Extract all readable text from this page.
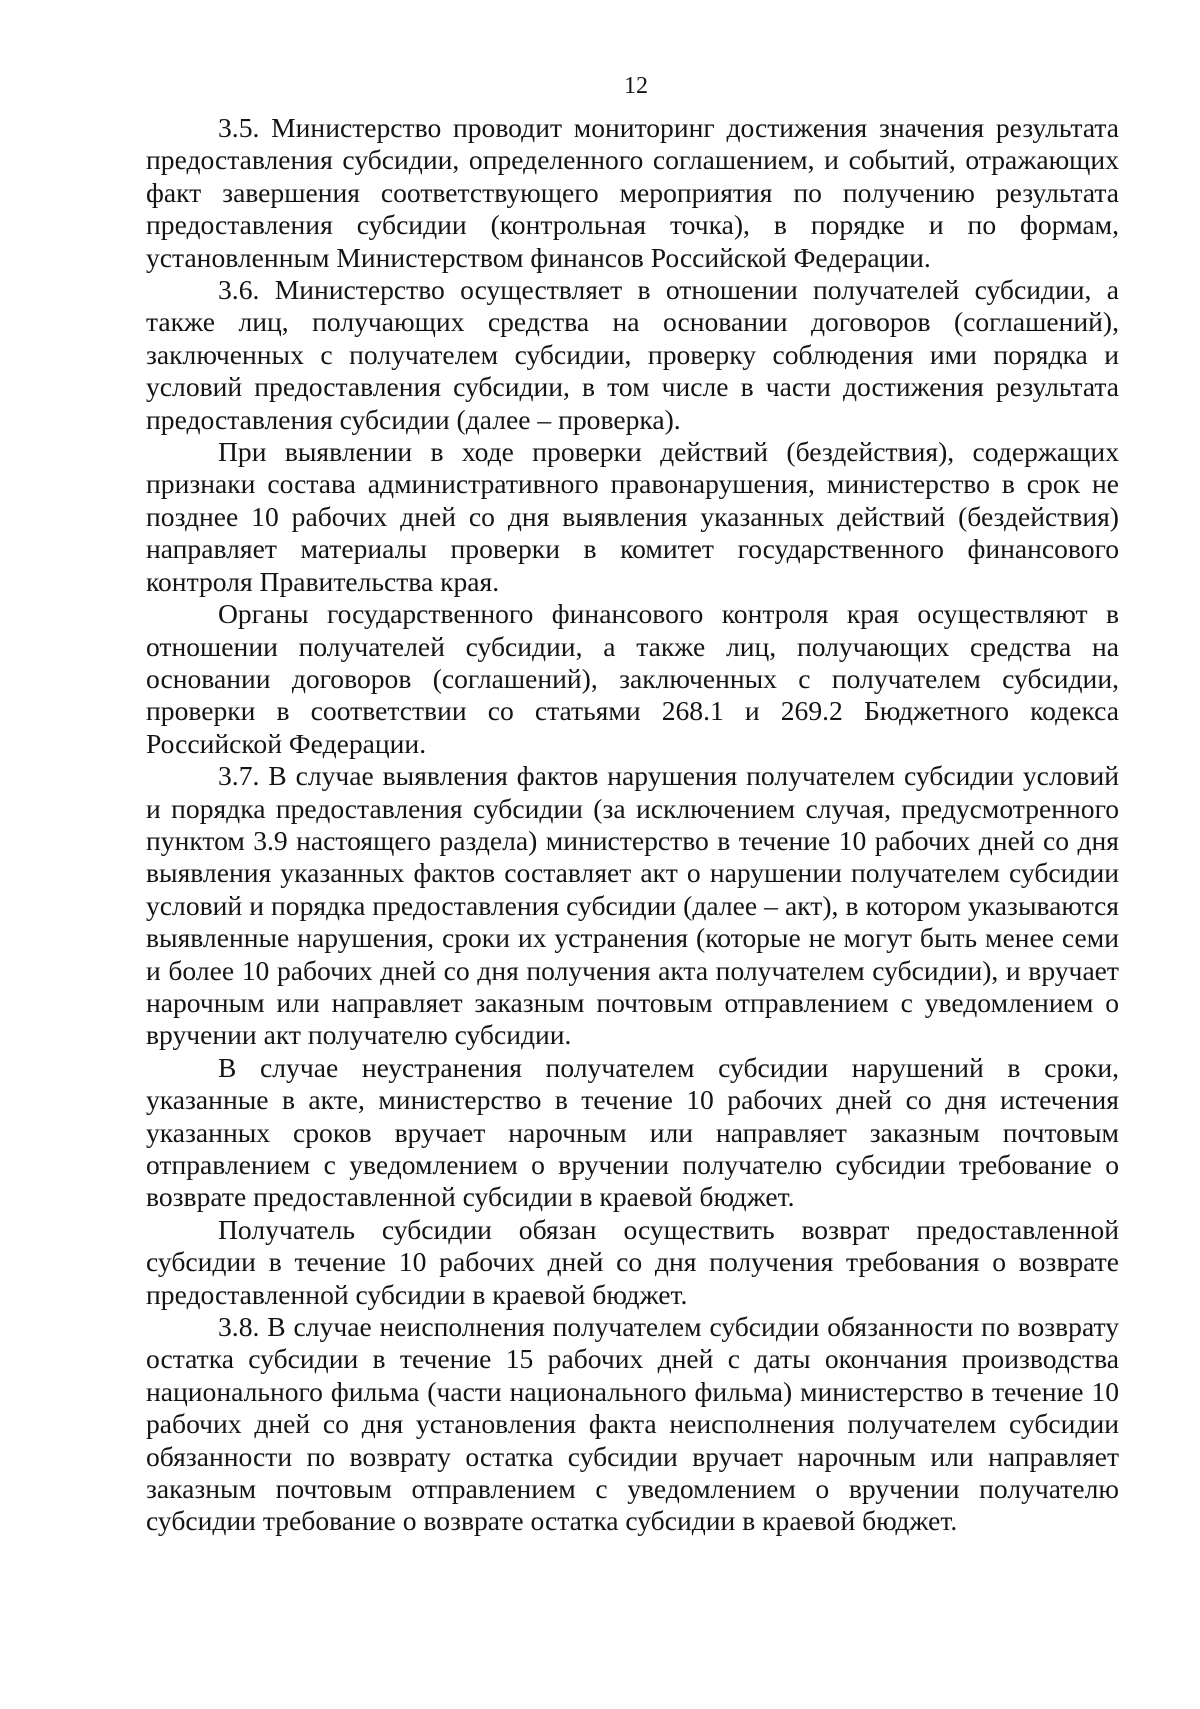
12

3.5. Министерство проводит мониторинг достижения значения результата предоставления субсидии, определенного соглашением, и событий, отражающих факт завершения соответствующего мероприятия по получению результата предоставления субсидии (контрольная точка), в порядке и по формам, установленным Министерством финансов Российской Федерации.

3.6. Министерство осуществляет в отношении получателей субсидии, а также лиц, получающих средства на основании договоров (соглашений), заключенных с получателем субсидии, проверку соблюдения ими порядка и условий предоставления субсидии, в том числе в части достижения результата предоставления субсидии (далее – проверка).

При выявлении в ходе проверки действий (бездействия), содержащих признаки состава административного правонарушения, министерство в срок не позднее 10 рабочих дней со дня выявления указанных действий (бездействия) направляет материалы проверки в комитет государственного финансового контроля Правительства края.

Органы государственного финансового контроля края осуществляют в отношении получателей субсидии, а также лиц, получающих средства на основании договоров (соглашений), заключенных с получателем субсидии, проверки в соответствии со статьями 268.1 и 269.2 Бюджетного кодекса Российской Федерации.

3.7. В случае выявления фактов нарушения получателем субсидии условий и порядка предоставления субсидии (за исключением случая, предусмотренного пунктом 3.9 настоящего раздела) министерство в течение 10 рабочих дней со дня выявления указанных фактов составляет акт о нарушении получателем субсидии условий и порядка предоставления субсидии (далее – акт), в котором указываются выявленные нарушения, сроки их устранения (которые не могут быть менее семи и более 10 рабочих дней со дня получения акта получателем субсидии), и вручает нарочным или направляет заказным почтовым отправлением с уведомлением о вручении акт получателю субсидии.

В случае неустранения получателем субсидии нарушений в сроки, указанные в акте, министерство в течение 10 рабочих дней со дня истечения указанных сроков вручает нарочным или направляет заказным почтовым отправлением с уведомлением о вручении получателю субсидии требование о возврате предоставленной субсидии в краевой бюджет.

Получатель субсидии обязан осуществить возврат предоставленной субсидии в течение 10 рабочих дней со дня получения требования о возврате предоставленной субсидии в краевой бюджет.

3.8. В случае неисполнения получателем субсидии обязанности по возврату остатка субсидии в течение 15 рабочих дней с даты окончания производства национального фильма (части национального фильма) министерство в течение 10 рабочих дней со дня установления факта неисполнения получателем субсидии обязанности по возврату остатка субсидии вручает нарочным или направляет заказным почтовым отправлением с уведомлением о вручении получателю субсидии требование о возврате остатка субсидии в краевой бюджет.
